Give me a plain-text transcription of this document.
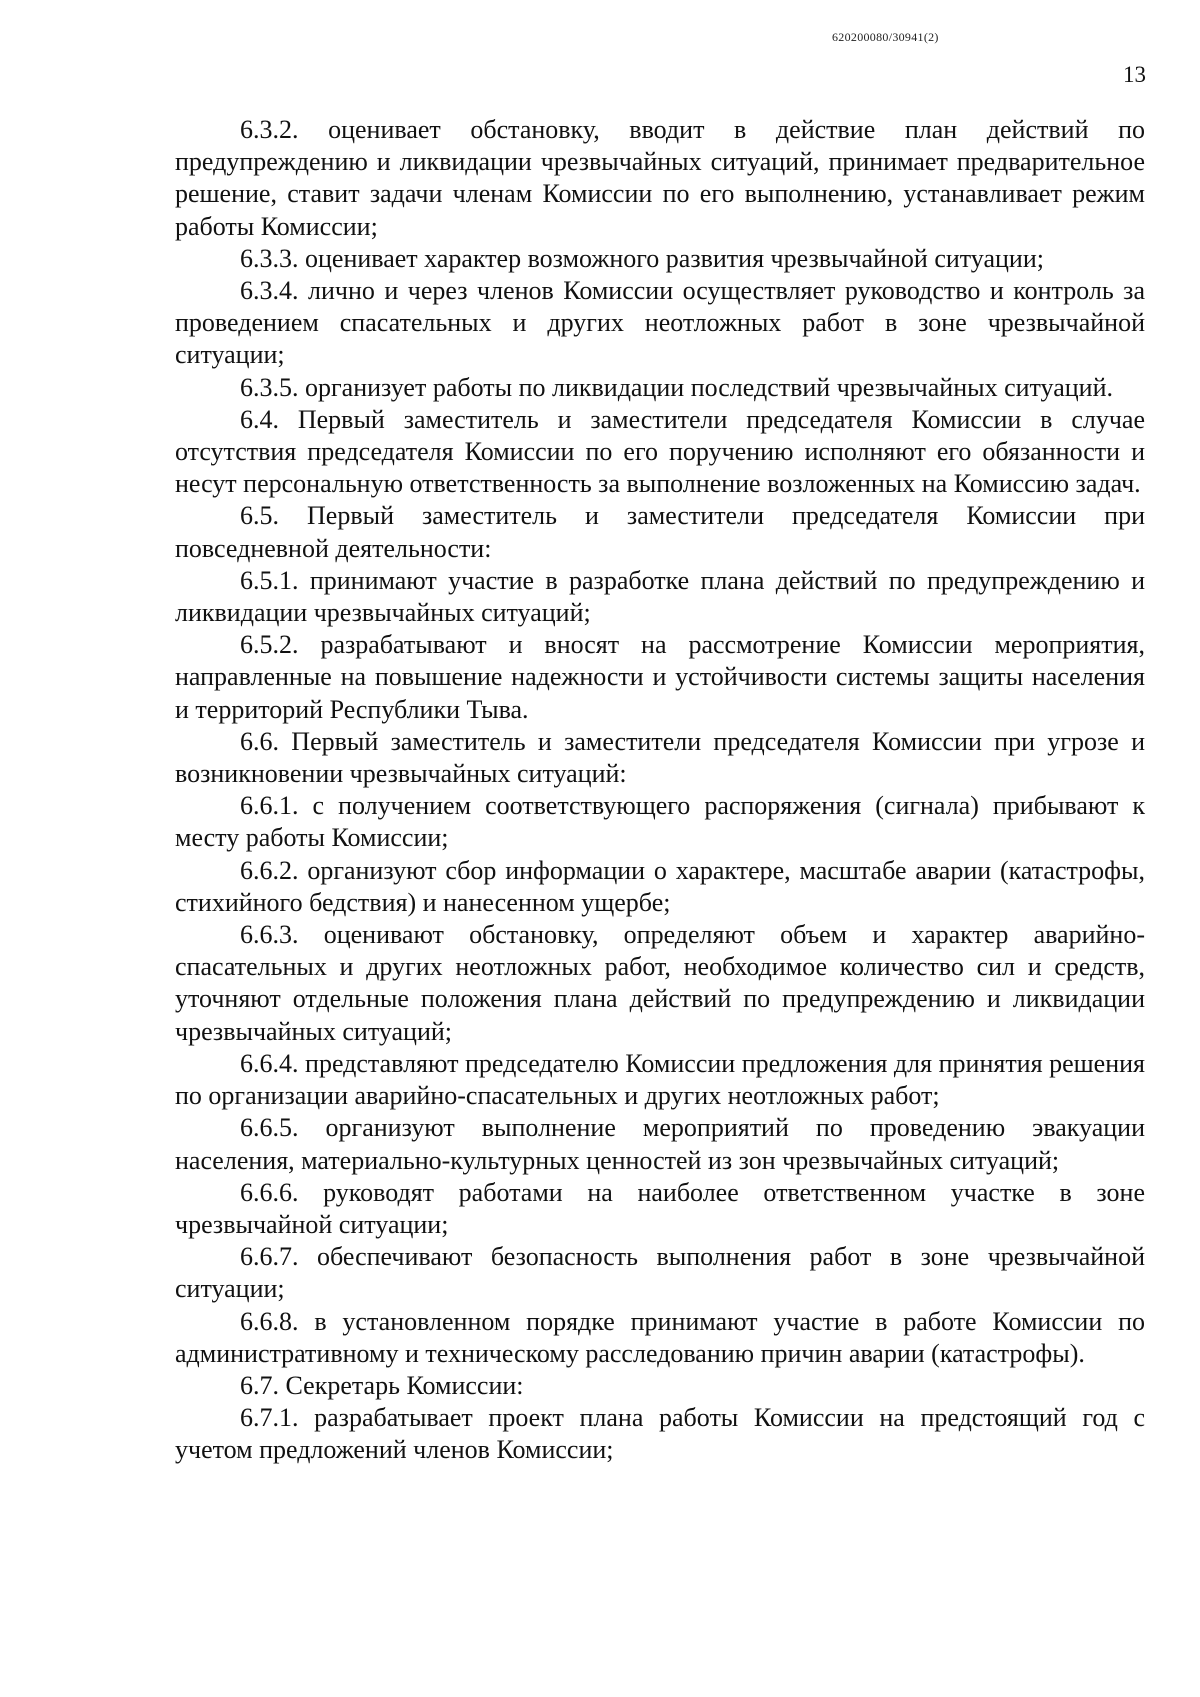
620200080/30941(2)
13

6.3.2. оценивает обстановку, вводит в действие план действий по предупреждению и ликвидации чрезвычайных ситуаций, принимает предварительное решение, ставит задачи членам Комиссии по его выполнению, устанавливает режим работы Комиссии;

6.3.3. оценивает характер возможного развития чрезвычайной ситуации;

6.3.4. лично и через членов Комиссии осуществляет руководство и контроль за проведением спасательных и других неотложных работ в зоне чрезвычайной ситуации;

6.3.5. организует работы по ликвидации последствий чрезвычайных ситуаций.

6.4. Первый заместитель и заместители председателя Комиссии в случае отсутствия председателя Комиссии по его поручению исполняют его обязанности и несут персональную ответственность за выполнение возложенных на Комиссию задач.

6.5. Первый заместитель и заместители председателя Комиссии при повседневной деятельности:

6.5.1. принимают участие в разработке плана действий по предупреждению и ликвидации чрезвычайных ситуаций;

6.5.2. разрабатывают и вносят на рассмотрение Комиссии мероприятия, направленные на повышение надежности и устойчивости системы защиты населения и территорий Республики Тыва.

6.6. Первый заместитель и заместители председателя Комиссии при угрозе и возникновении чрезвычайных ситуаций:

6.6.1. с получением соответствующего распоряжения (сигнала) прибывают к месту работы Комиссии;

6.6.2. организуют сбор информации о характере, масштабе аварии (катастрофы, стихийного бедствия) и нанесенном ущербе;

6.6.3. оценивают обстановку, определяют объем и характер аварийно-спасательных и других неотложных работ, необходимое количество сил и средств, уточняют отдельные положения плана действий по предупреждению и ликвидации чрезвычайных ситуаций;

6.6.4. представляют председателю Комиссии предложения для принятия решения по организации аварийно-спасательных и других неотложных работ;

6.6.5. организуют выполнение мероприятий по проведению эвакуации населения, материально-культурных ценностей из зон чрезвычайных ситуаций;

6.6.6. руководят работами на наиболее ответственном участке в зоне чрезвычайной ситуации;

6.6.7. обеспечивают безопасность выполнения работ в зоне чрезвычайной ситуации;

6.6.8. в установленном порядке принимают участие в работе Комиссии по административному и техническому расследованию причин аварии (катастрофы).

6.7. Секретарь Комиссии:

6.7.1. разрабатывает проект плана работы Комиссии на предстоящий год с учетом предложений членов Комиссии;
